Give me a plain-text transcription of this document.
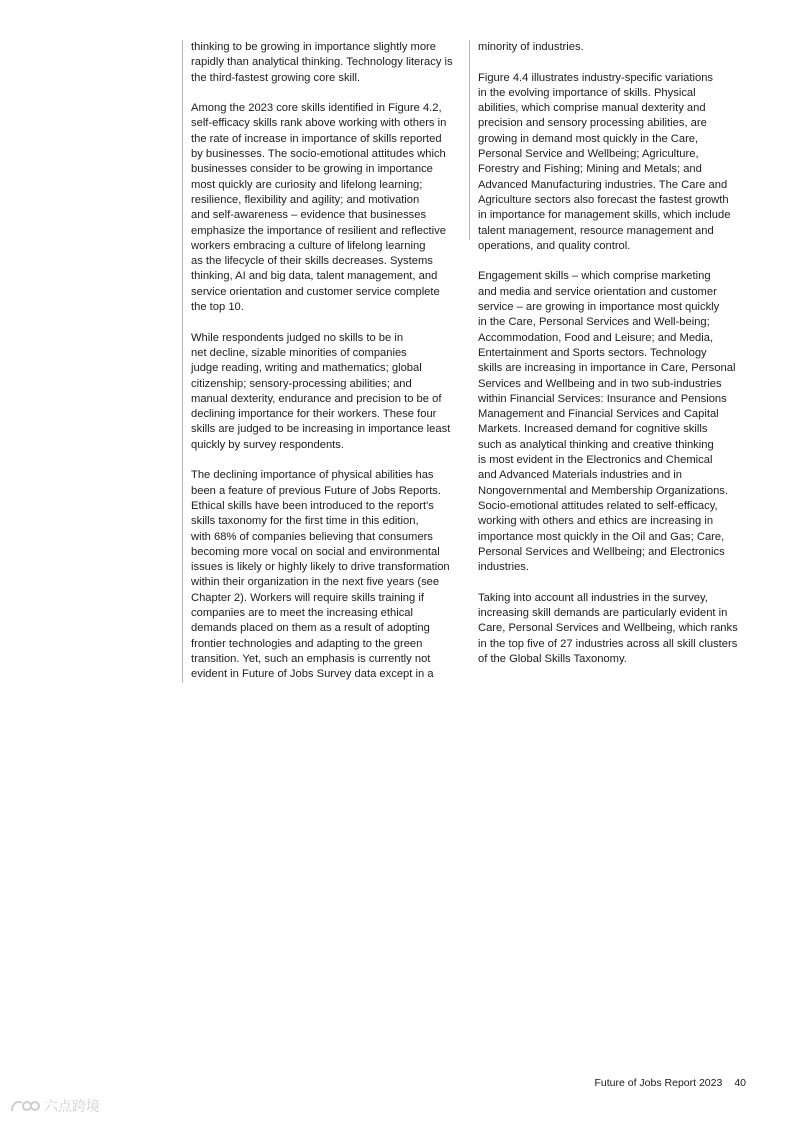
thinking to be growing in importance slightly more
rapidly than analytical thinking. Technology literacy is
the third-fastest growing core skill.

Among the 2023 core skills identified in Figure 4.2,
self-efficacy skills rank above working with others in
the rate of increase in importance of skills reported
by businesses. The socio-emotional attitudes which
businesses consider to be growing in importance
most quickly are curiosity and lifelong learning;
resilience, flexibility and agility; and motivation
and self-awareness – evidence that businesses
emphasize the importance of resilient and reflective
workers embracing a culture of lifelong learning
as the lifecycle of their skills decreases. Systems
thinking, AI and big data, talent management, and
service orientation and customer service complete
the top 10.

While respondents judged no skills to be in
net decline, sizable minorities of companies
judge reading, writing and mathematics; global
citizenship; sensory-processing abilities; and
manual dexterity, endurance and precision to be of
declining importance for their workers. These four
skills are judged to be increasing in importance least
quickly by survey respondents.

The declining importance of physical abilities has
been a feature of previous Future of Jobs Reports.
Ethical skills have been introduced to the report's
skills taxonomy for the first time in this edition,
with 68% of companies believing that consumers
becoming more vocal on social and environmental
issues is likely or highly likely to drive transformation
within their organization in the next five years (see
Chapter 2). Workers will require skills training if
companies are to meet the increasing ethical
demands placed on them as a result of adopting
frontier technologies and adapting to the green
transition. Yet, such an emphasis is currently not
evident in Future of Jobs Survey data except in a

minority of industries.

Figure 4.4 illustrates industry-specific variations
in the evolving importance of skills. Physical
abilities, which comprise manual dexterity and
precision and sensory processing abilities, are
growing in demand most quickly in the Care,
Personal Service and Wellbeing; Agriculture,
Forestry and Fishing; Mining and Metals; and
Advanced Manufacturing industries. The Care and
Agriculture sectors also forecast the fastest growth
in importance for management skills, which include
talent management, resource management and
operations, and quality control.

Engagement skills – which comprise marketing
and media and service orientation and customer
service – are growing in importance most quickly
in the Care, Personal Services and Well-being;
Accommodation, Food and Leisure; and Media,
Entertainment and Sports sectors. Technology
skills are increasing in importance in Care, Personal
Services and Wellbeing and in two sub-industries
within Financial Services: Insurance and Pensions
Management and Financial Services and Capital
Markets. Increased demand for cognitive skills
such as analytical thinking and creative thinking
is most evident in the Electronics and Chemical
and Advanced Materials industries and in
Nongovernmental and Membership Organizations.
Socio-emotional attitudes related to self-efficacy,
working with others and ethics are increasing in
importance most quickly in the Oil and Gas; Care,
Personal Services and Wellbeing; and Electronics
industries.

Taking into account all industries in the survey,
increasing skill demands are particularly evident in
Care, Personal Services and Wellbeing, which ranks
in the top five of 27 industries across all skill clusters
of the Global Skills Taxonomy.

Future of Jobs Report 2023 40
六点跨境
